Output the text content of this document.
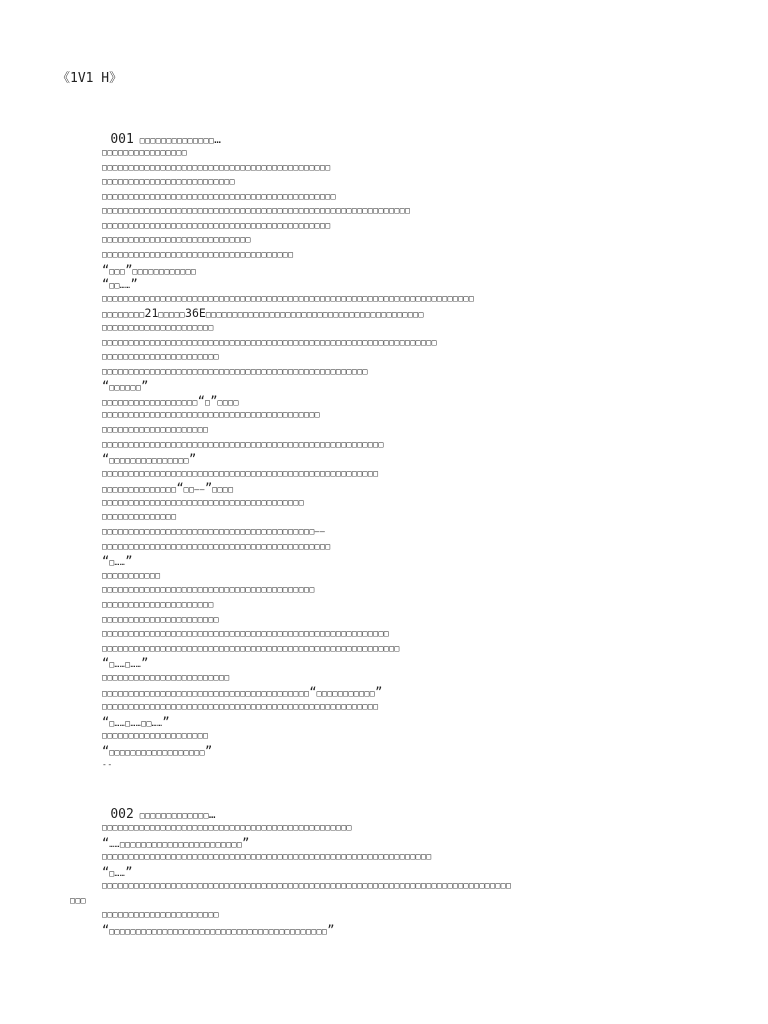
《1V1 H》

001 □□□□□□□□□□□□□□…

□□□□□□□□□□□□□□□□
□□□□□□□□□□□□□□□□□□□□□□□□□□□□□□□□□□□□□□□□□□□
□□□□□□□□□□□□□□□□□□□□□□□□□
□□□□□□□□□□□□□□□□□□□□□□□□□□□□□□□□□□□□□□□□□□□□
□□□□□□□□□□□□□□□□□□□□□□□□□□□□□□□□□□□□□□□□□□□□□□□□□□□□□□□□□□
□□□□□□□□□□□□□□□□□□□□□□□□□□□□□□□□□□□□□□□□□□□
□□□□□□□□□□□□□□□□□□□□□□□□□□□□
□□□□□□□□□□□□□□□□□□□□□□□□□□□□□□□□□□□□
“□□□”□□□□□□□□□□□□
“□□……”
□□□□□□□□□□□□□□□□□□□□□□□□□□□□□□□□□□□□□□□□□□□□□□□□□□□□□□□□□□□□□□□□□□□□□□
□□□□□□□□21□□□□□36E□□□□□□□□□□□□□□□□□□□□□□□□□□□□□□□□□□□□□□□□□
□□□□□□□□□□□□□□□□□□□□□
□□□□□□□□□□□□□□□□□□□□□□□□□□□□□□□□□□□□□□□□□□□□□□□□□□□□□□□□□□□□□□□
□□□□□□□□□□□□□□□□□□□□□□
□□□□□□□□□□□□□□□□□□□□□□□□□□□□□□□□□□□□□□□□□□□□□□□□□□
“□□□□□□”
□□□□□□□□□□□□□□□□□□“□”□□□□
□□□□□□□□□□□□□□□□□□□□□□□□□□□□□□□□□□□□□□□□□
□□□□□□□□□□□□□□□□□□□□
□□□□□□□□□□□□□□□□□□□□□□□□□□□□□□□□□□□□□□□□□□□□□□□□□□□□□
“□□□□□□□□□□□□□□□”
□□□□□□□□□□□□□□□□□□□□□□□□□□□□□□□□□□□□□□□□□□□□□□□□□□□□
□□□□□□□□□□□□□□“□□——”□□□□
□□□□□□□□□□□□□□□□□□□□□□□□□□□□□□□□□□□□□□
□□□□□□□□□□□□□□
□□□□□□□□□□□□□□□□□□□□□□□□□□□□□□□□□□□□□□□□——
□□□□□□□□□□□□□□□□□□□□□□□□□□□□□□□□□□□□□□□□□□□
“□……”
□□□□□□□□□□□
□□□□□□□□□□□□□□□□□□□□□□□□□□□□□□□□□□□□□□□□
□□□□□□□□□□□□□□□□□□□□□
□□□□□□□□□□□□□□□□□□□□□□
□□□□□□□□□□□□□□□□□□□□□□□□□□□□□□□□□□□□□□□□□□□□□□□□□□□□□□
□□□□□□□□□□□□□□□□□□□□□□□□□□□□□□□□□□□□□□□□□□□□□□□□□□□□□□□□
“□……□……”
□□□□□□□□□□□□□□□□□□□□□□□□
□□□□□□□□□□□□□□□□□□□□□□□□□□□□□□□□□□□□□□□“□□□□□□□□□□□”
□□□□□□□□□□□□□□□□□□□□□□□□□□□□□□□□□□□□□□□□□□□□□□□□□□□□
“□……□……□□……”
□□□□□□□□□□□□□□□□□□□□
“□□□□□□□□□□□□□□□□□□”
--

002 □□□□□□□□□□□□□…

□□□□□□□□□□□□□□□□□□□□□□□□□□□□□□□□□□□□□□□□□□□□□□□
“……□□□□□□□□□□□□□□□□□□□□□□□”
□□□□□□□□□□□□□□□□□□□□□□□□□□□□□□□□□□□□□□□□□□□□□□□□□□□□□□□□□□□□□□
“□……”
□□□□□□□□□□□□□□□□□□□□□□□□□□□□□□□□□□□□□□□□□□□□□□□□□□□□□□□□□□□□□□□□□□□□□□□□□□□□□
□□□
□□□□□□□□□□□□□□□□□□□□□□
“□□□□□□□□□□□□□□□□□□□□□□□□□□□□□□□□□□□□□□□□□”
